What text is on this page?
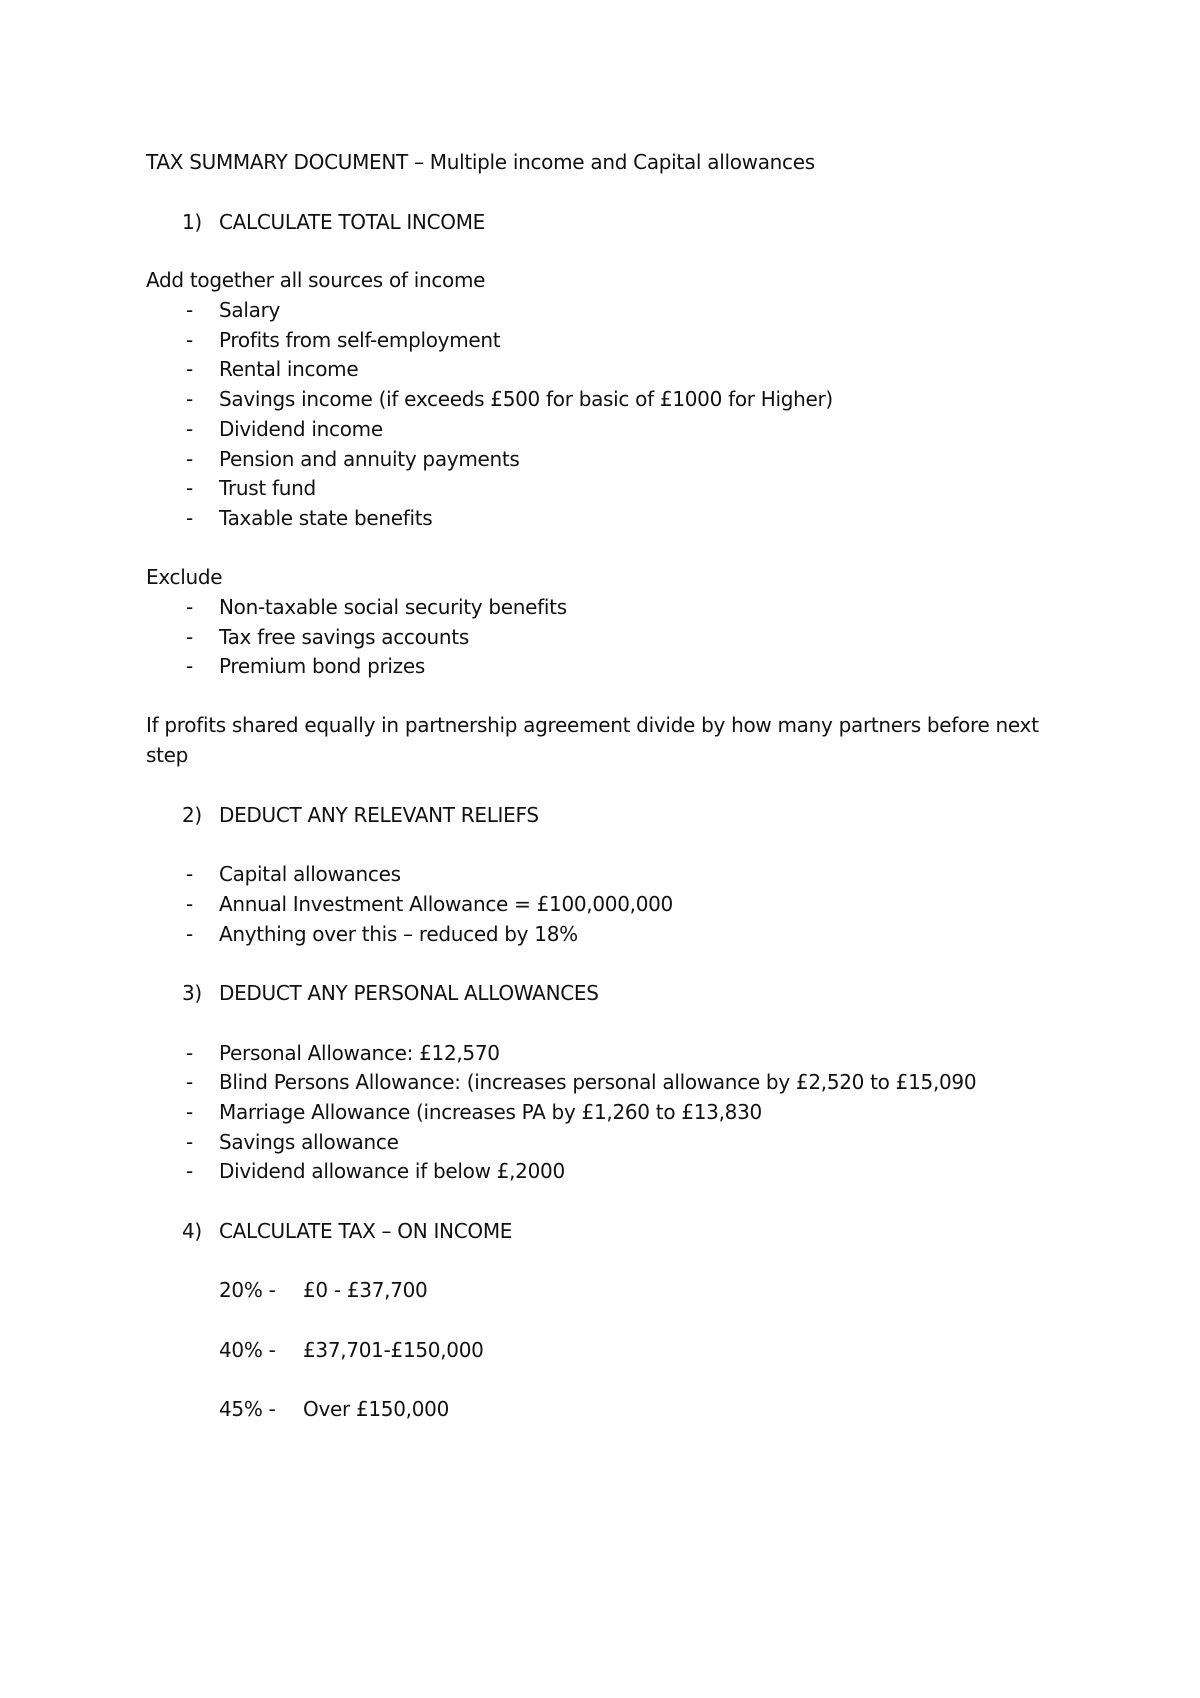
TAX SUMMARY DOCUMENT – Multiple income and Capital allowances
1) CALCULATE TOTAL INCOME
Add together all sources of income
- Salary
- Profits from self-employment
- Rental income
- Savings income (if exceeds £500 for basic of £1000 for Higher)
- Dividend income
- Pension and annuity payments
- Trust fund
- Taxable state benefits
Exclude
- Non-taxable social security benefits
- Tax free savings accounts
- Premium bond prizes
If profits shared equally in partnership agreement divide by how many partners before next
step
2) DEDUCT ANY RELEVANT RELIEFS
- Capital allowances
- Annual Investment Allowance = £100,000,000
- Anything over this – reduced by 18%
3) DEDUCT ANY PERSONAL ALLOWANCES
- Personal Allowance: £12,570
- Blind Persons Allowance: (increases personal allowance by £2,520 to £15,090
- Marriage Allowance (increases PA by £1,260 to £13,830
- Savings allowance
- Dividend allowance if below £,2000
4) CALCULATE TAX – ON INCOME
20% - £0 - £37,700
40% - £37,701-£150,000
45% - Over £150,000
